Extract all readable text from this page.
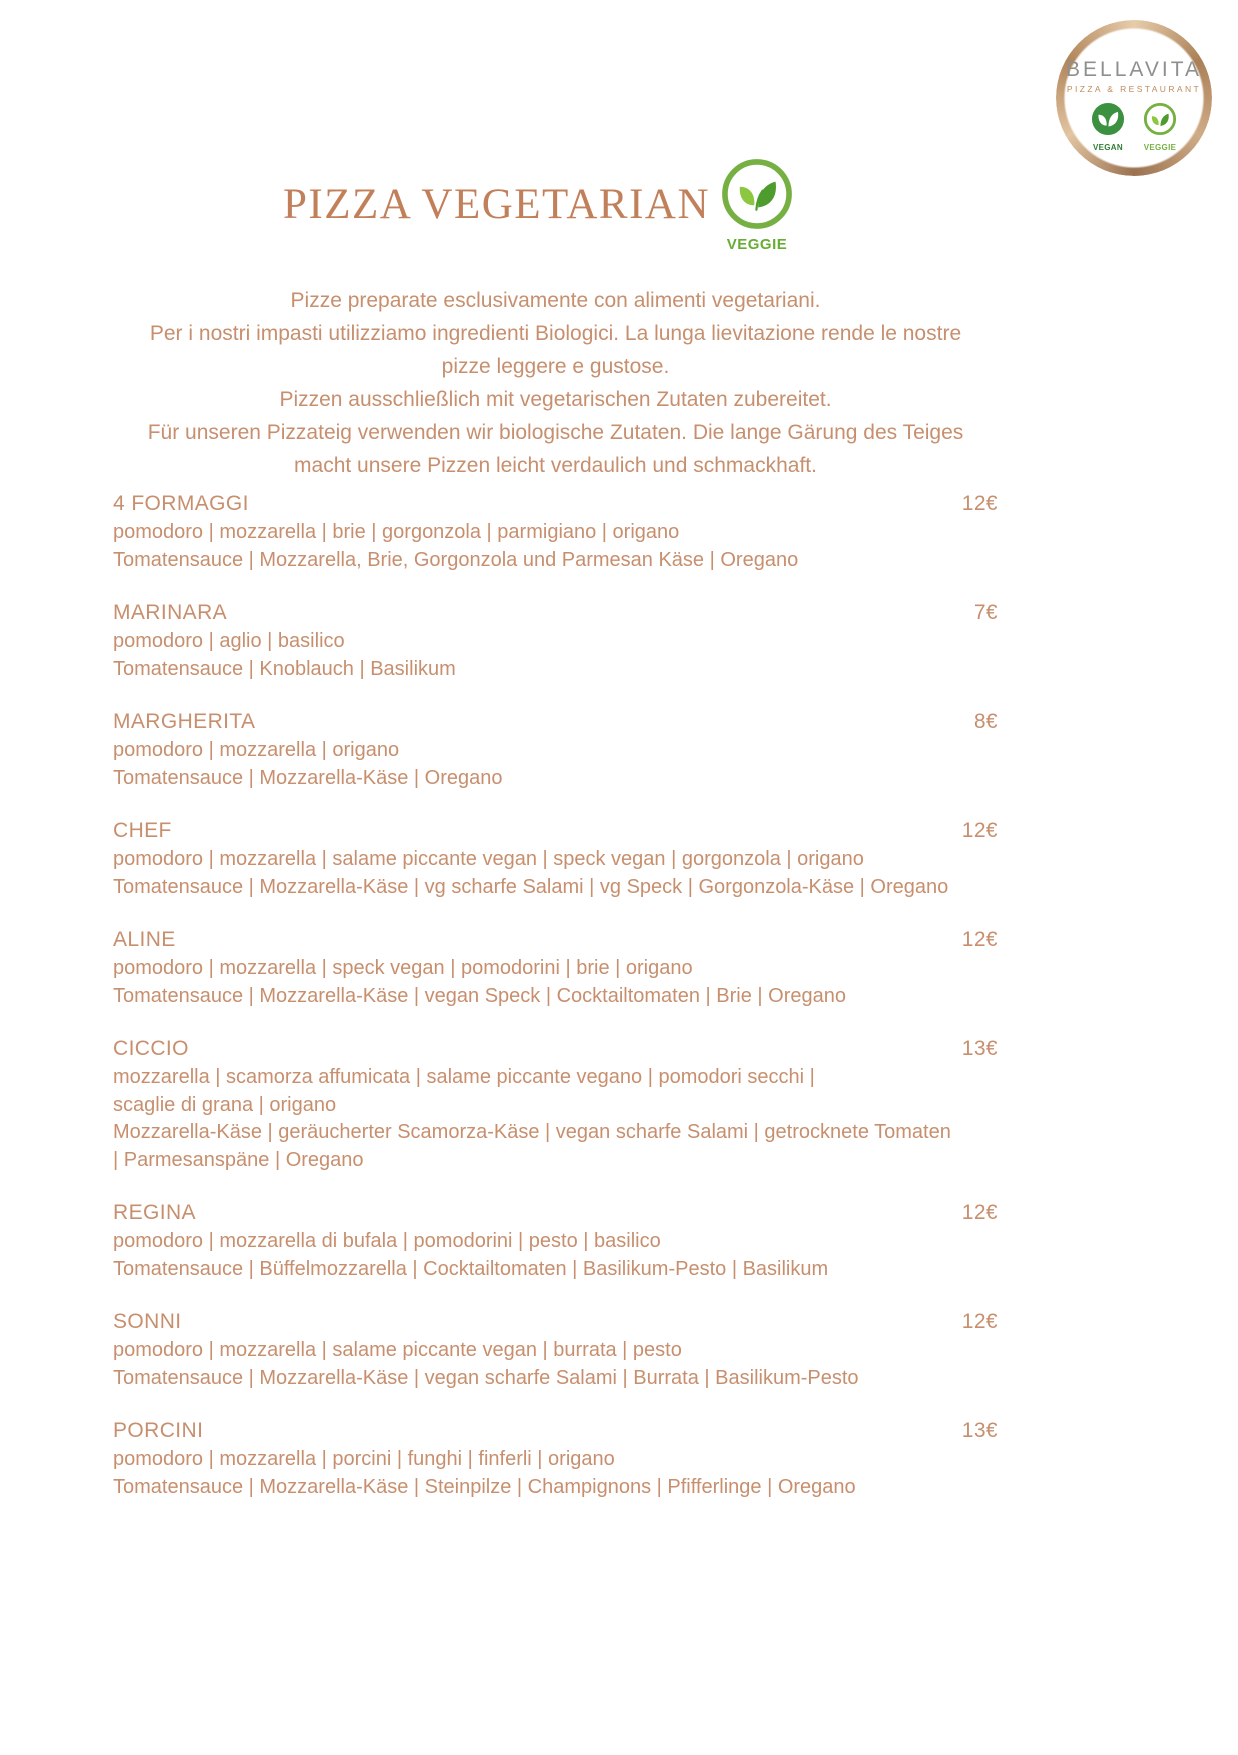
BELLAVITA
PIZZA & RESTAURANT
VEGAN	VEGGIE
PIZZA VEGETARIAN
VEGGIE
Pizze preparate esclusivamente con alimenti vegetariani.
Per i nostri impasti utilizziamo ingredienti Biologici. La lunga lievitazione rende le nostre
pizze leggere e gustose.
Pizzen ausschließlich mit vegetarischen Zutaten zubereitet.
Für unseren Pizzateig verwenden wir biologische Zutaten. Die lange Gärung des Teiges
macht unsere Pizzen leicht verdaulich und schmackhaft.
4 FORMAGGI	12€
pomodoro | mozzarella | brie | gorgonzola | parmigiano | origano
Tomatensauce | Mozzarella, Brie, Gorgonzola und Parmesan Käse | Oregano
MARINARA	7€
pomodoro | aglio | basilico
Tomatensauce | Knoblauch | Basilikum
MARGHERITA	8€
pomodoro | mozzarella | origano
Tomatensauce | Mozzarella-Käse | Oregano
CHEF	12€
pomodoro | mozzarella | salame piccante vegan | speck vegan | gorgonzola | origano
Tomatensauce | Mozzarella-Käse | vg scharfe Salami | vg Speck | Gorgonzola-Käse | Oregano
ALINE	12€
pomodoro | mozzarella | speck vegan | pomodorini | brie | origano
Tomatensauce | Mozzarella-Käse | vegan Speck | Cocktailtomaten | Brie | Oregano
CICCIO	13€
mozzarella | scamorza affumicata | salame piccante vegano | pomodori secchi |
scaglie di grana | origano
Mozzarella-Käse | geräucherter Scamorza-Käse | vegan scharfe Salami | getrocknete Tomaten
| Parmesanspäne | Oregano
REGINA	12€
pomodoro | mozzarella di bufala | pomodorini | pesto | basilico
Tomatensauce | Büffelmozzarella | Cocktailtomaten | Basilikum-Pesto | Basilikum
SONNI	12€
pomodoro | mozzarella | salame piccante vegan | burrata | pesto
Tomatensauce | Mozzarella-Käse | vegan scharfe Salami | Burrata | Basilikum-Pesto
PORCINI	13€
pomodoro | mozzarella | porcini | funghi | finferli | origano
Tomatensauce | Mozzarella-Käse | Steinpilze | Champignons | Pfifferlinge | Oregano
